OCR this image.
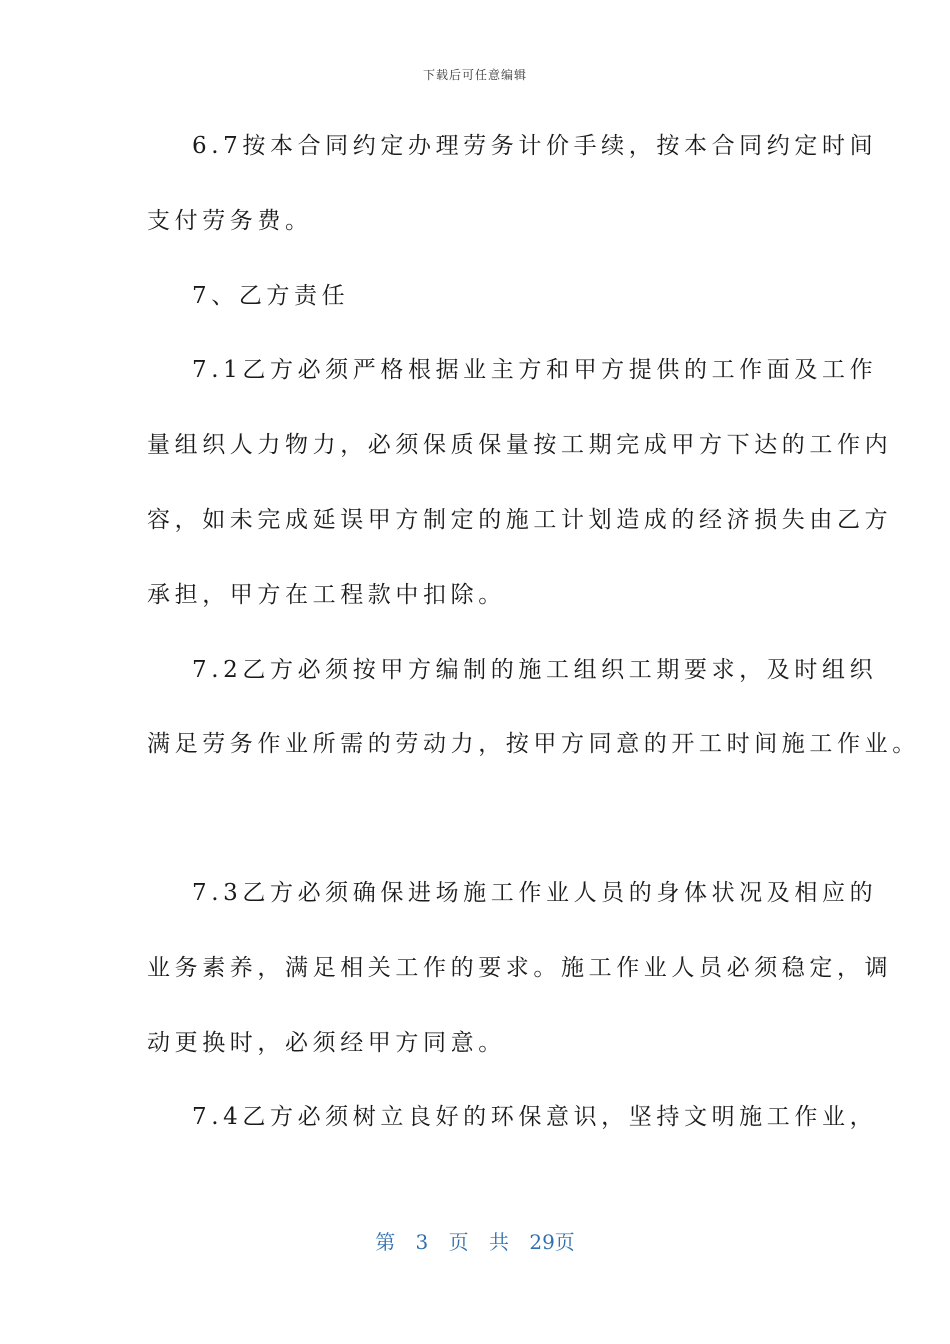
下载后可任意编辑
6.7按本合同约定办理劳务计价手续，按本合同约定时间
支付劳务费。
7、乙方责任
7.1乙方必须严格根据业主方和甲方提供的工作面及工作
量组织人力物力，必须保质保量按工期完成甲方下达的工作内
容，如未完成延误甲方制定的施工计划造成的经济损失由乙方
承担，甲方在工程款中扣除。
7.2乙方必须按甲方编制的施工组织工期要求，及时组织
满足劳务作业所需的劳动力，按甲方同意的开工时间施工作业。
7.3乙方必须确保进场施工作业人员的身体状况及相应的
业务素养，满足相关工作的要求。施工作业人员必须稳定，调
动更换时，必须经甲方同意。
7.4乙方必须树立良好的环保意识，坚持文明施工作业，
第 3 页 共 29页
